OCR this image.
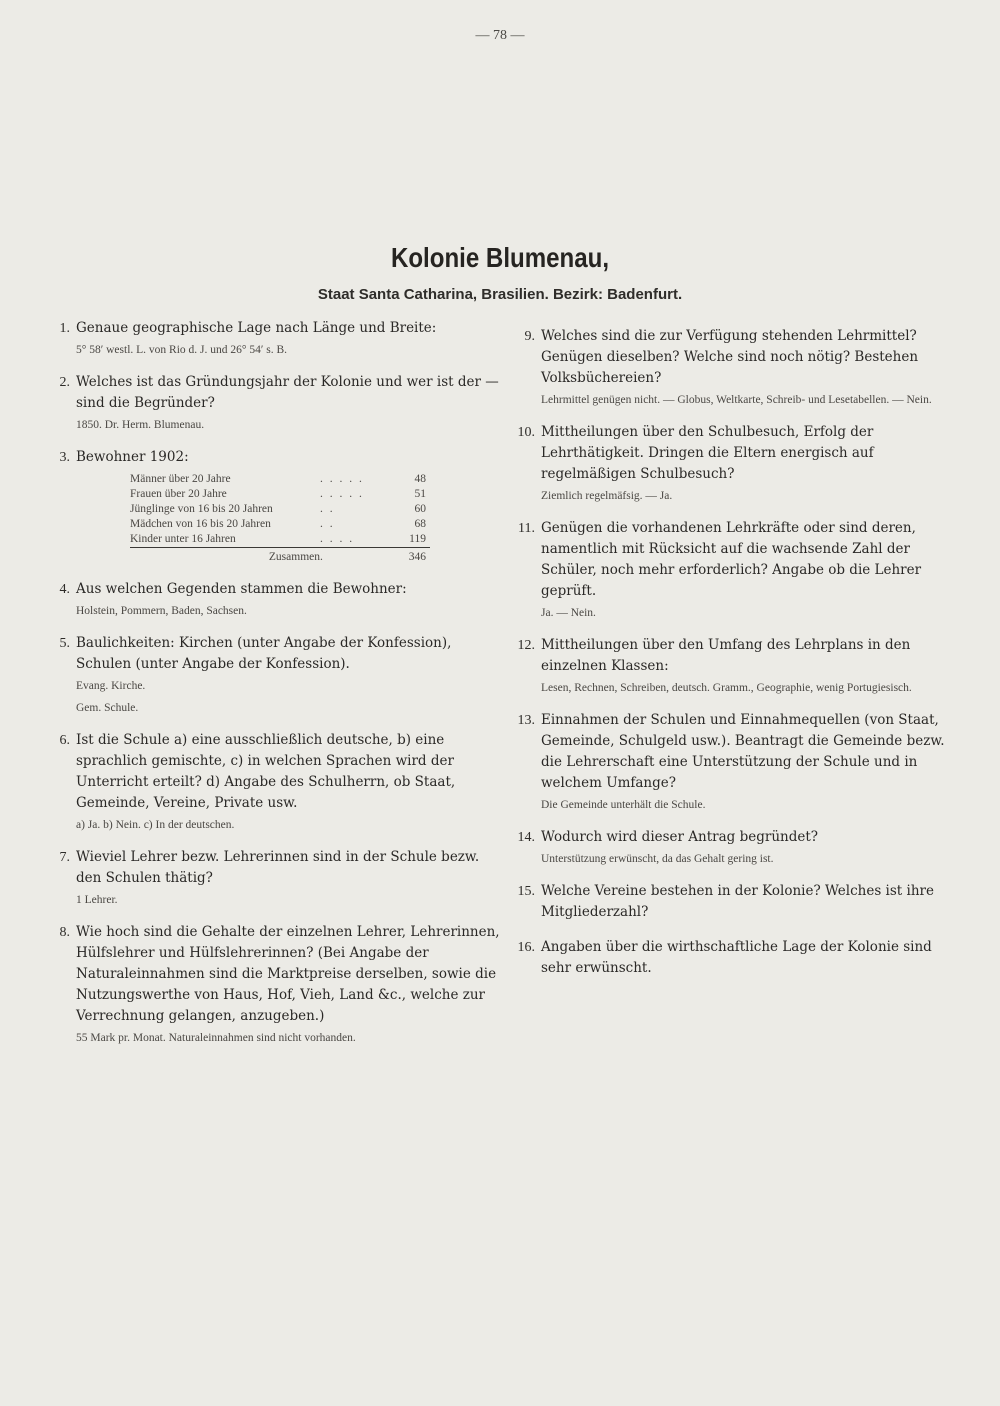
— 78 —
Kolonie Blumenau,
Staat Santa Catharina, Brasilien. Bezirk: Badenfurt.
1. Genaue geographische Lage nach Länge und Breite:
5° 58′ westl. L. von Rio d. J. und 26° 54′ s. B.
2. Welches ist das Gründungsjahr der Kolonie und wer ist der — sind die Begründer?
1850. Dr. Herm. Blumenau.
3. Bewohner 1902:
Männer über 20 Jahre	. . . . .	48
Frauen über 20 Jahre	. . . . .	51
Jünglinge von 16 bis 20 Jahren	. .	60
Mädchen von 16 bis 20 Jahren	. .	68
Kinder unter 16 Jahren	. . . .	119
Zusammen	.	346
4. Aus welchen Gegenden stammen die Bewohner:
Holstein, Pommern, Baden, Sachsen.
5. Baulichkeiten: Kirchen (unter Angabe der Konfession), Schulen (unter Angabe der Konfession).
Evang. Kirche.
Gem. Schule.
6. Ist die Schule a) eine ausschließlich deutsche, b) eine sprachlich gemischte, c) in welchen Sprachen wird der Unterricht erteilt? d) Angabe des Schulherrn, ob Staat, Gemeinde, Vereine, Private usw.
a) Ja. b) Nein. c) In der deutschen.
7. Wieviel Lehrer bezw. Lehrerinnen sind in der Schule bezw. den Schulen thätig?
1 Lehrer.
8. Wie hoch sind die Gehalte der einzelnen Lehrer, Lehrerinnen, Hülfslehrer und Hülfslehrerinnen? (Bei Angabe der Naturaleinnahmen sind die Marktpreise derselben, sowie die Nutzungswerthe von Haus, Hof, Vieh, Land &c., welche zur Verrechnung gelangen, anzugeben.)
55 Mark pr. Monat. Naturaleinnahmen sind nicht vorhanden.
9. Welches sind die zur Verfügung stehenden Lehrmittel? Genügen dieselben? Welche sind noch nötig? Bestehen Volksbüchereien?
Lehrmittel genügen nicht. — Globus, Weltkarte, Schreib- und Lesetabellen. — Nein.
10. Mittheilungen über den Schulbesuch, Erfolg der Lehrthätigkeit. Dringen die Eltern energisch auf regelmäßigen Schulbesuch?
Ziemlich regelmäfsig. — Ja.
11. Genügen die vorhandenen Lehrkräfte oder sind deren, namentlich mit Rücksicht auf die wachsende Zahl der Schüler, noch mehr erforderlich? Angabe ob die Lehrer geprüft.
Ja. — Nein.
12. Mittheilungen über den Umfang des Lehrplans in den einzelnen Klassen:
Lesen, Rechnen, Schreiben, deutsch. Gramm., Geographie, wenig Portugiesisch.
13. Einnahmen der Schulen und Einnahmequellen (von Staat, Gemeinde, Schulgeld usw.). Beantragt die Gemeinde bezw. die Lehrerschaft eine Unterstützung der Schule und in welchem Umfange?
Die Gemeinde unterhält die Schule.
14. Wodurch wird dieser Antrag begründet?
Unterstützung erwünscht, da das Gehalt gering ist.
15. Welche Vereine bestehen in der Kolonie? Welches ist ihre Mitgliederzahl?
16. Angaben über die wirthschaftliche Lage der Kolonie sind sehr erwünscht.
